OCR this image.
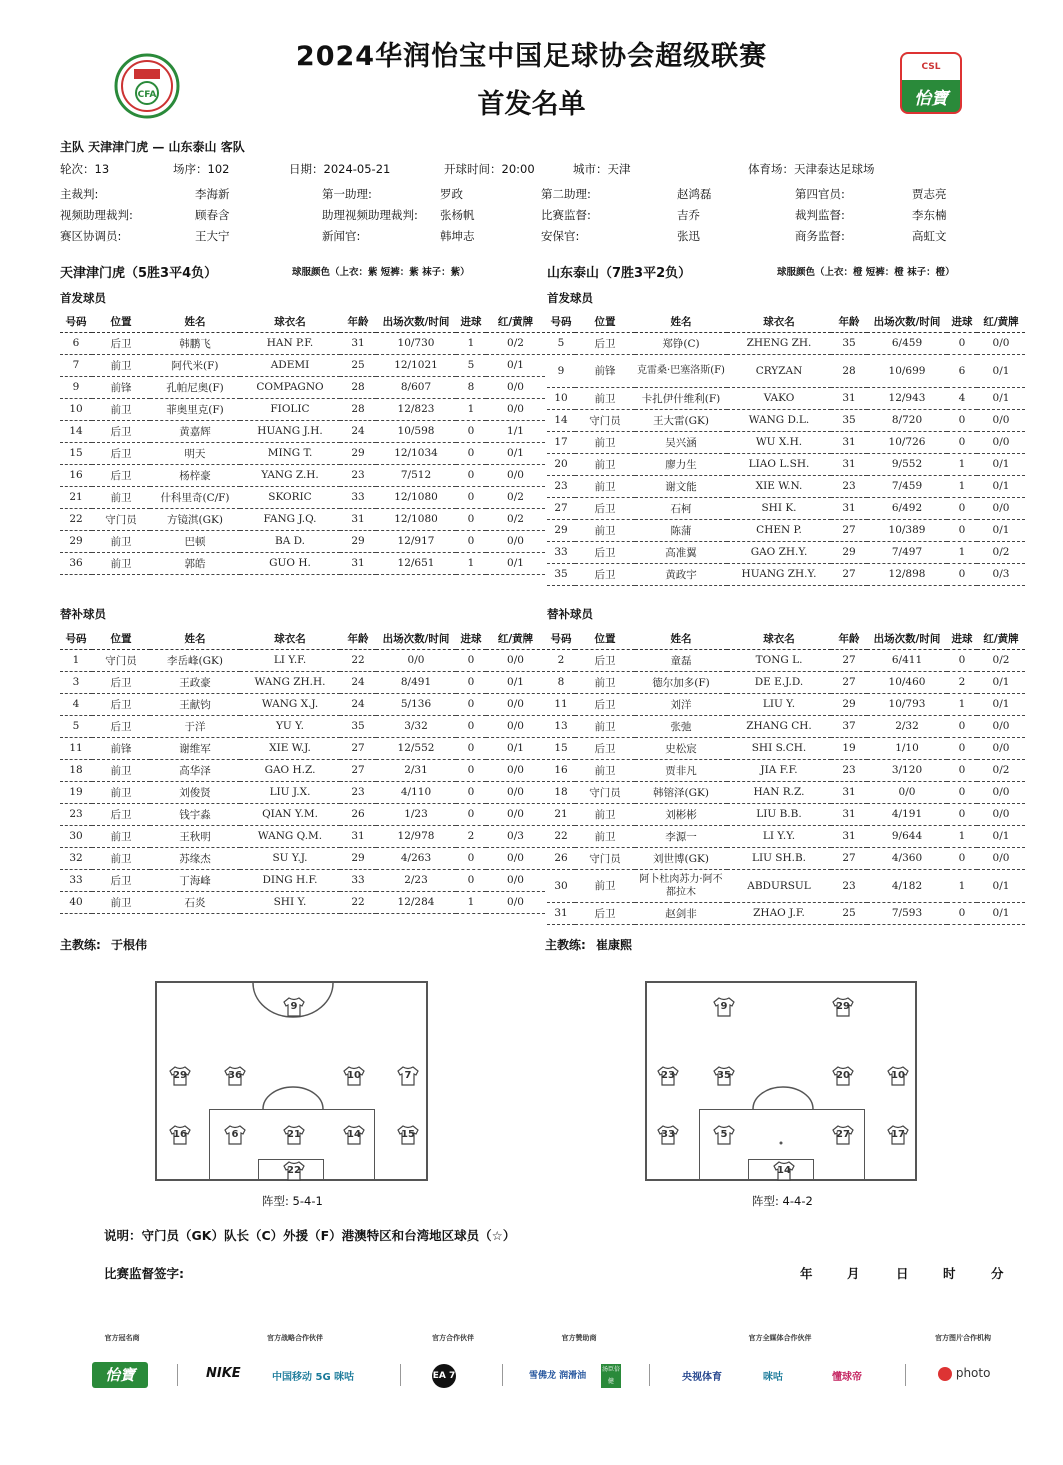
CFA
2024华润怡宝中国足球协会超级联赛
首发名单
CSL
怡寶
主队 天津津门虎 — 山东泰山 客队
轮次：13	场序：102	日期：2024-05-21	开球时间：20:00	城市：天津	体育场：天津泰达足球场
主裁判:	李海新	第一助理:	罗政	第二助理:	赵鸿磊	第四官员:	贾志亮
视频助理裁判:	顾春含	助理视频助理裁判: 张杨帆	比赛监督:	吉乔	裁判监督:	李东楠
赛区协调员:	王大宁	新闻官:	韩坤志	安保官:	张迅	商务监督:	高虹文
天津津门虎（5胜3平4负）	球服颜色（上衣：紫 短裤：紫 袜子：紫）	山东泰山（7胜3平2负）	球服颜色（上衣：橙 短裤：橙 袜子：橙）
首发球员	首发球员
号码	位置	姓名	球衣名	年龄	出场次数/时间	进球	红/黄牌
6	后卫	韩鹏飞	HAN P.F.	31	10/730	1	0/2
7	前卫	阿代米(F)	ADEMI	25	12/1021	5	0/1
9	前锋	孔帕尼奥(F)	COMPAGNO	28	8/607	8	0/0
10	前卫	菲奥里克(F)	FIOLIC	28	12/823	1	0/0
14	后卫	黄嘉辉	HUANG J.H.	24	10/598	0	1/1
15	后卫	明天	MING T.	29	12/1034	0	0/1
16	后卫	杨梓豪	YANG Z.H.	23	7/512	0	0/0
21	前卫	什科里奇(C/F)	SKORIC	33	12/1080	0	0/2
22	守门员	方镜淇(GK)	FANG J.Q.	31	12/1080	0	0/2
29	前卫	巴顿	BA D.	29	12/917	0	0/0
36	前卫	郭皓	GUO H.	31	12/651	1	0/1
号码	位置	姓名	球衣名	年龄	出场次数/时间	进球	红/黄牌
5	后卫	郑铮(C)	ZHENG ZH.	35	6/459	0	0/0
9	前锋	克雷桑·巴塞洛斯(F)	CRYZAN	28	10/699	6	0/1
10	前卫	卡扎伊什维利(F)	VAKO	31	12/943	4	0/1
14	守门员	王大雷(GK)	WANG D.L.	35	8/720	0	0/0
17	前卫	吴兴涵	WU X.H.	31	10/726	0	0/0
20	前卫	廖力生	LIAO L.SH.	31	9/552	1	0/1
23	前卫	谢文能	XIE W.N.	23	7/459	1	0/1
27	后卫	石柯	SHI K.	31	6/492	0	0/0
29	前卫	陈蒲	CHEN P.	27	10/389	0	0/1
33	后卫	高准翼	GAO ZH.Y.	29	7/497	1	0/2
35	后卫	黄政宇	HUANG ZH.Y.	27	12/898	0	0/3
替补球员	替补球员
号码	位置	姓名	球衣名	年龄	出场次数/时间	进球	红/黄牌
1	守门员	李岳峰(GK)	LI Y.F.	22	0/0	0	0/0
3	后卫	王政豪	WANG ZH.H.	24	8/491	0	0/1
4	后卫	王献钧	WANG X.J.	24	5/136	0	0/0
5	后卫	于洋	YU Y.	35	3/32	0	0/0
11	前锋	谢维军	XIE W.J.	27	12/552	0	0/1
18	前卫	高华泽	GAO H.Z.	27	2/31	0	0/0
19	前卫	刘俊贤	LIU J.X.	23	4/110	0	0/0
23	后卫	钱宇淼	QIAN Y.M.	26	1/23	0	0/0
30	前卫	王秋明	WANG Q.M.	31	12/978	2	0/3
32	前卫	苏缘杰	SU Y.J.	29	4/263	0	0/0
33	后卫	丁海峰	DING H.F.	33	2/23	0	0/0
40	前卫	石炎	SHI Y.	22	12/284	1	0/0
号码	位置	姓名	球衣名	年龄	出场次数/时间	进球	红/黄牌
2	后卫	童磊	TONG L.	27	6/411	0	0/2
8	前卫	德尔加多(F)	DE E.J.D.	27	10/460	2	0/1
11	后卫	刘洋	LIU Y.	29	10/793	1	0/1
13	前卫	张弛	ZHANG CH.	37	2/32	0	0/0
15	后卫	史松宸	SHI S.CH.	19	1/10	0	0/0
16	前卫	贾非凡	JIA F.F.	23	3/120	0	0/2
18	守门员	韩镕泽(GK)	HAN R.Z.	31	0/0	0	0/0
21	前卫	刘彬彬	LIU B.B.	31	4/191	0	0/0
22	前卫	李源一	LI Y.Y.	31	9/644	1	0/1
26	守门员	刘世博(GK)	LIU SH.B.	27	4/360	0	0/0
30	前卫	阿卜杜肉苏力·阿不都拉木	ABDURSUL	23	4/182	1	0/1
31	后卫	赵剑非	ZHAO J.F.	25	7/593	0	0/1
主教练: 于根伟	主教练: 崔康熙
9
29	36	10	7
16	6	21	14	15
22
阵型: 5-4-1
9	29
23	35	20	10
33	5	27	17
14
阵型: 4-4-2
说明：守门员（GK）队长（C）外援（F）港澳特区和台湾地区球员（☆）
比赛监督签字:	年	月	日	时	分
官方冠名商	官方战略合作伙伴	官方合作伙伴	官方赞助商	官方全媒体合作伙伴	官方图片合作机构
怡寶	NIKE	中国移动 5G 咪咕	EA 7	雪佛龙 润滑油
汤臣倍健	央视体育	咪咕	懂球帝	photo
